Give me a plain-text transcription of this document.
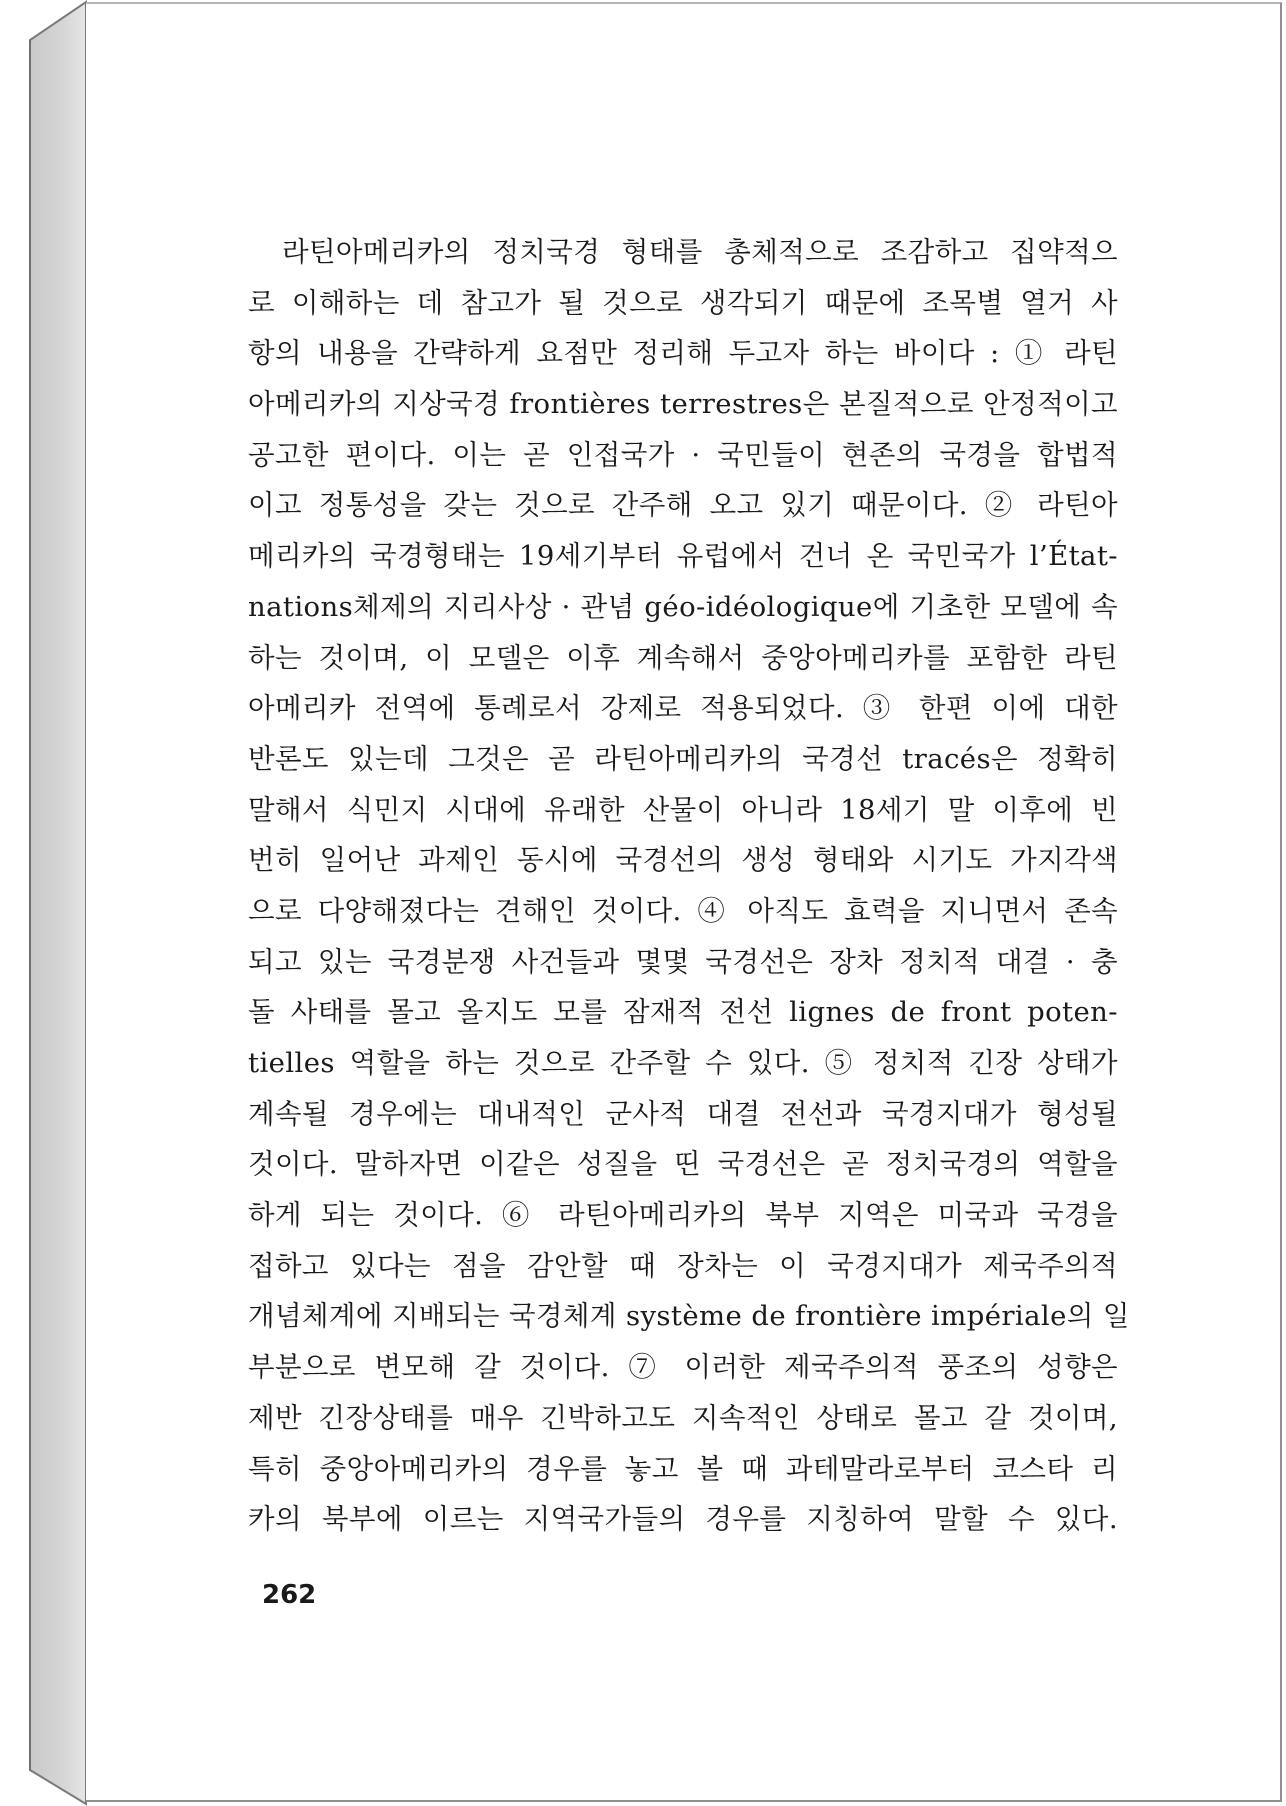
라틴아메리카의 정치국경 형태를 총체적으로 조감하고 집약적으
로 이해하는 데 참고가 될 것으로 생각되기 때문에 조목별 열거 사
항의 내용을 간략하게 요점만 정리해 두고자 하는 바이다 : ① 라틴
아메리카의 지상국경 frontières terrestres은 본질적으로 안정적이고
공고한 편이다. 이는 곧 인접국가 · 국민들이 현존의 국경을 합법적
이고 정통성을 갖는 것으로 간주해 오고 있기 때문이다. ② 라틴아
메리카의 국경형태는 19세기부터 유럽에서 건너 온 국민국가 l’État-
nations체제의 지리사상 · 관념 géo-idéologique에 기초한 모델에 속
하는 것이며, 이 모델은 이후 계속해서 중앙아메리카를 포함한 라틴
아메리카 전역에 통례로서 강제로 적용되었다. ③ 한편 이에 대한
반론도 있는데 그것은 곧 라틴아메리카의 국경선 tracés은 정확히
말해서 식민지 시대에 유래한 산물이 아니라 18세기 말 이후에 빈
번히 일어난 과제인 동시에 국경선의 생성 형태와 시기도 가지각색
으로 다양해졌다는 견해인 것이다. ④ 아직도 효력을 지니면서 존속
되고 있는 국경분쟁 사건들과 몇몇 국경선은 장차 정치적 대결 · 충
돌 사태를 몰고 올지도 모를 잠재적 전선 lignes de front poten-
tielles 역할을 하는 것으로 간주할 수 있다. ⑤ 정치적 긴장 상태가
계속될 경우에는 대내적인 군사적 대결 전선과 국경지대가 형성될
것이다. 말하자면 이같은 성질을 띤 국경선은 곧 정치국경의 역할을
하게 되는 것이다. ⑥ 라틴아메리카의 북부 지역은 미국과 국경을
접하고 있다는 점을 감안할 때 장차는 이 국경지대가 제국주의적
개념체계에 지배되는 국경체계 système de frontière impériale의 일
부분으로 변모해 갈 것이다. ⑦ 이러한 제국주의적 풍조의 성향은
제반 긴장상태를 매우 긴박하고도 지속적인 상태로 몰고 갈 것이며,
특히 중앙아메리카의 경우를 놓고 볼 때 과테말라로부터 코스타 리
카의 북부에 이르는 지역국가들의 경우를 지칭하여 말할 수 있다.

262
